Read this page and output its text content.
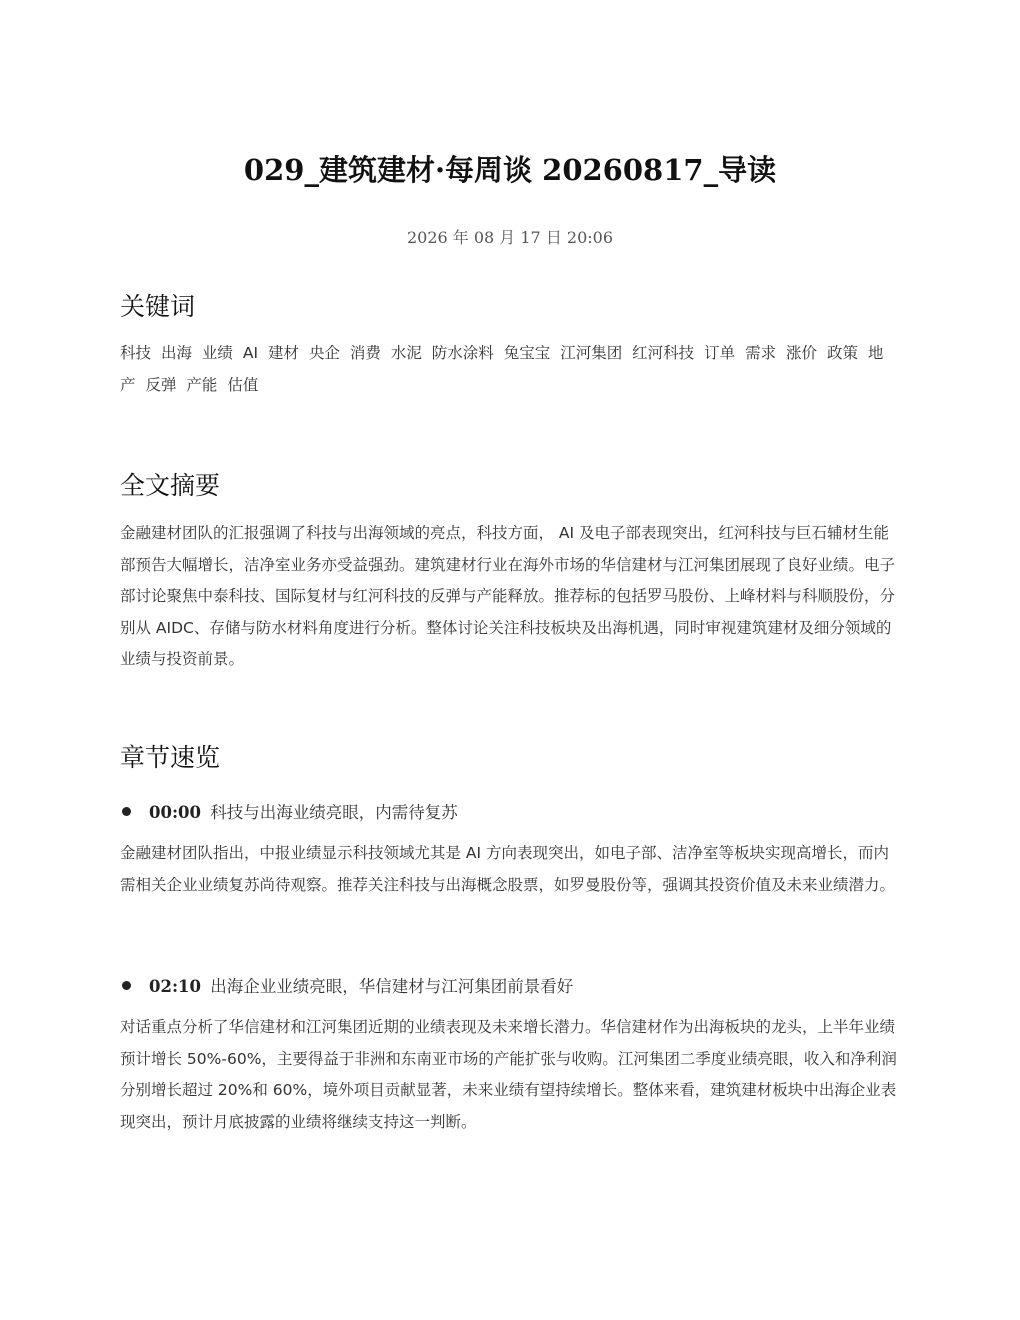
029_建筑建材·每周谈 20260817_导读
2026 年 08 月 17 日 20:06
关键词
科技 出海 业绩 AI 建材 央企 消费 水泥 防水涂料 兔宝宝 江河集团 红河科技 订单 需求 涨价 政策 地产 反弹 产能 估值
全文摘要

金融建材团队的汇报强调了科技与出海领域的亮点，科技方面， AI 及电子部表现突出，红河科技与巨石辅材生能部预告大幅增长，洁净室业务亦受益强劲。建筑建材行业在海外市场的华信建材与江河集团展现了良好业绩。电子部讨论聚焦中泰科技、国际复材与红河科技的反弹与产能释放。推荐标的包括罗马股份、上峰材料与科顺股份，分别从 AIDC、存储与防水材料角度进行分析。整体讨论关注科技板块及出海机遇，同时审视建筑建材及细分领域的业绩与投资前景。

章节速览
00:00 科技与出海业绩亮眼，内需待复苏

金融建材团队指出，中报业绩显示科技领域尤其是 AI 方向表现突出，如电子部、洁净室等板块实现高增长，而内需相关企业业绩复苏尚待观察。推荐关注科技与出海概念股票，如罗曼股份等，强调其投资价值及未来业绩潜力。

02:10 出海企业业绩亮眼，华信建材与江河集团前景看好

对话重点分析了华信建材和江河集团近期的业绩表现及未来增长潜力。华信建材作为出海板块的龙头，上半年业绩预计增长 50%-60%，主要得益于非洲和东南亚市场的产能扩张与收购。江河集团二季度业绩亮眼，收入和净利润分别增长超过 20%和 60%，境外项目贡献显著，未来业绩有望持续增长。整体来看，建筑建材板块中出海企业表现突出，预计月底披露的业绩将继续支持这一判断。
